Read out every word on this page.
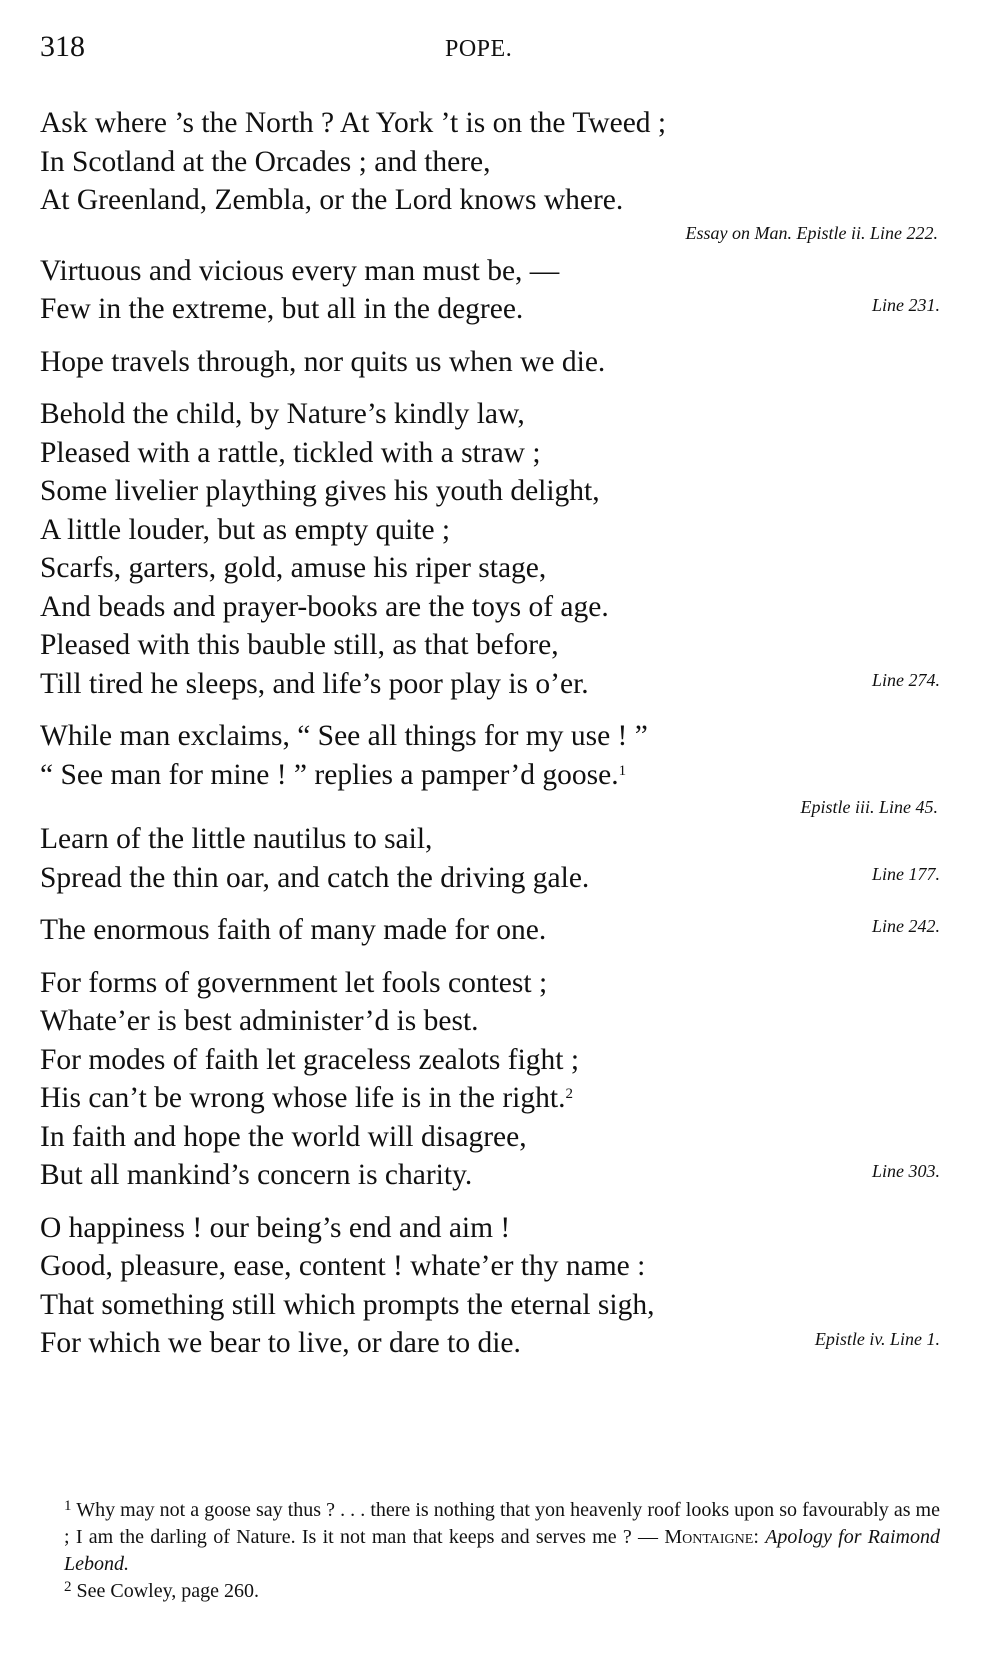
318	POPE.
Ask where ’s the North ? At York ’t is on the Tweed ;
In Scotland at the Orcades ; and there,
At Greenland, Zembla, or the Lord knows where.
Essay on Man. Epistle ii. Line 222.
Virtuous and vicious every man must be, —
Few in the extreme, but all in the degree.	Line 231.
Hope travels through, nor quits us when we die.
Behold the child, by Nature’s kindly law,
Pleased with a rattle, tickled with a straw ;
Some livelier plaything gives his youth delight,
A little louder, but as empty quite ;
Scarfs, garters, gold, amuse his riper stage,
And beads and prayer-books are the toys of age.
Pleased with this bauble still, as that before,
Till tired he sleeps, and life’s poor play is o’er.	Line 274.
While man exclaims, “ See all things for my use ! ”
“ See man for mine ! ” replies a pamper’d goose.$^1$
Epistle iii. Line 45.
Learn of the little nautilus to sail,
Spread the thin oar, and catch the driving gale.	Line 177.
The enormous faith of many made for one.	Line 242.
For forms of government let fools contest ;
Whate’er is best administer’d is best.
For modes of faith let graceless zealots fight ;
His can’t be wrong whose life is in the right.$^2$
In faith and hope the world will disagree,
But all mankind’s concern is charity.	Line 303.
O happiness ! our being’s end and aim !
Good, pleasure, ease, content ! whate’er thy name :
That something still which prompts the eternal sigh,
For which we bear to live, or dare to die.	Epistle iv. Line 1.

$^1$ Why may not a goose say thus ? . . . there is nothing that yon heavenly roof looks upon so favourably as me ; I am the darling of Nature. Is it not man that keeps and serves me ? — Montaigne: Apology for Raimond Lebond.

$^2$ See Cowley, page 260.
